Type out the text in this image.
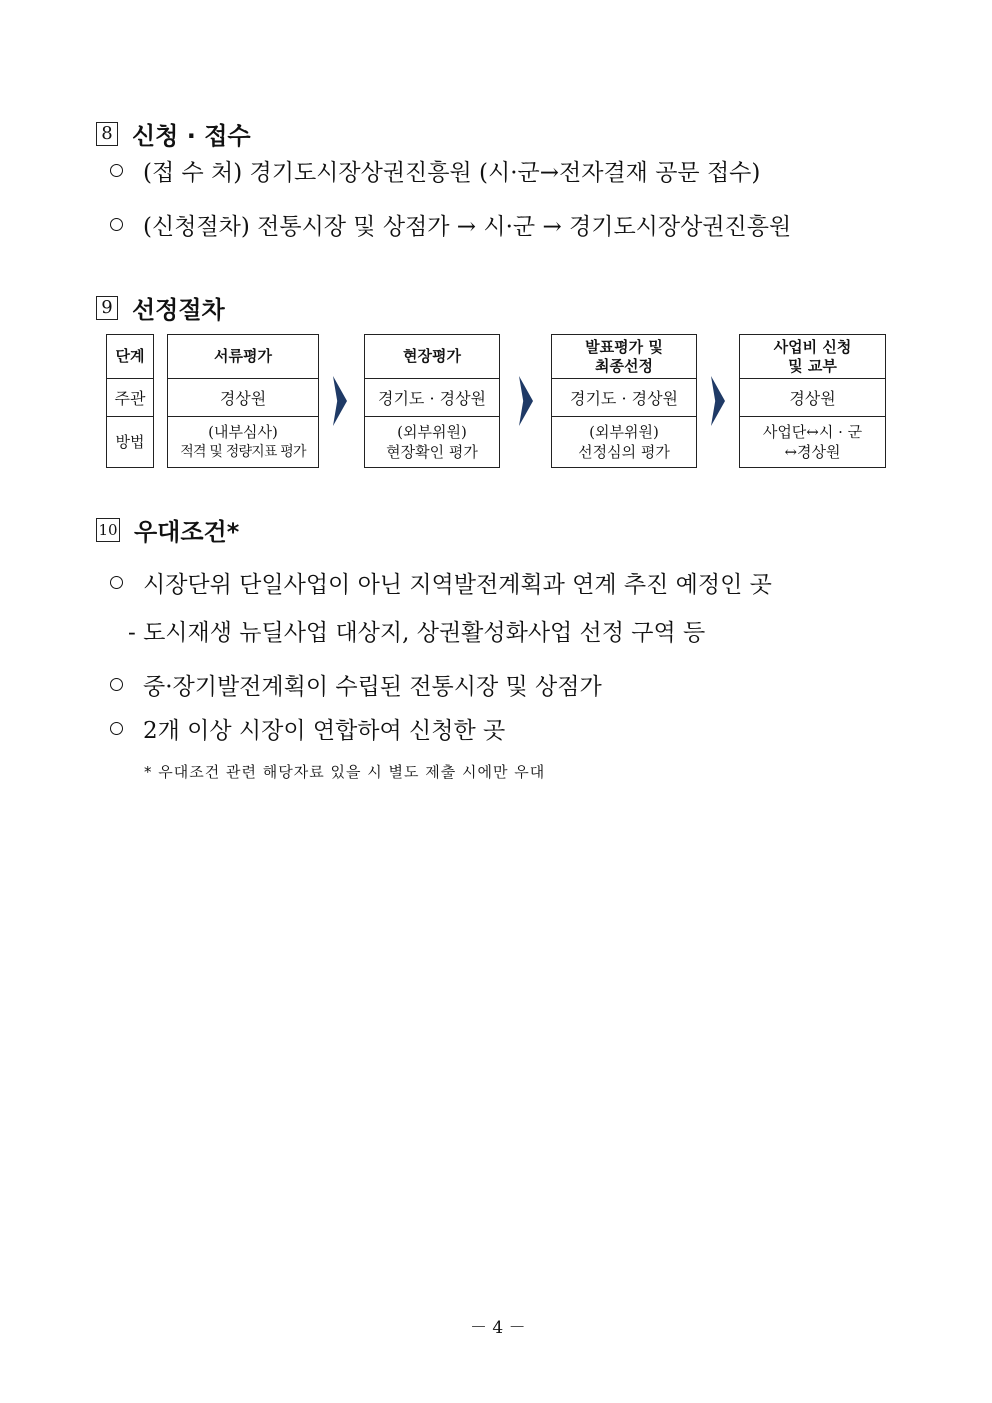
8 신청 · 접수
(접 수 처) 경기도시장상권진흥원 (시·군→전자결재 공문 접수)
(신청절차) 전통시장 및 상점가 → 시·군 → 경기도시장상권진흥원
9 선정절차
단계
주관
방법
서류평가
경상원
(내부심사)
적격 및 정량지표 평가
현장평가
경기도 · 경상원
(외부위원)
현장확인 평가
발표평가 및
최종선정
경기도 · 경상원
(외부위원)
선정심의 평가
사업비 신청
및 교부
경상원
사업단↔시 · 군
↔경상원
10 우대조건*
시장단위 단일사업이 아닌 지역발전계획과 연계 추진 예정인 곳
- 도시재생 뉴딜사업 대상지, 상권활성화사업 선정 구역 등
중·장기발전계획이 수립된 전통시장 및 상점가
2개 이상 시장이 연합하여 신청한 곳
* 우대조건 관련 해당자료 있을 시 별도 제출 시에만 우대
－ 4 －
